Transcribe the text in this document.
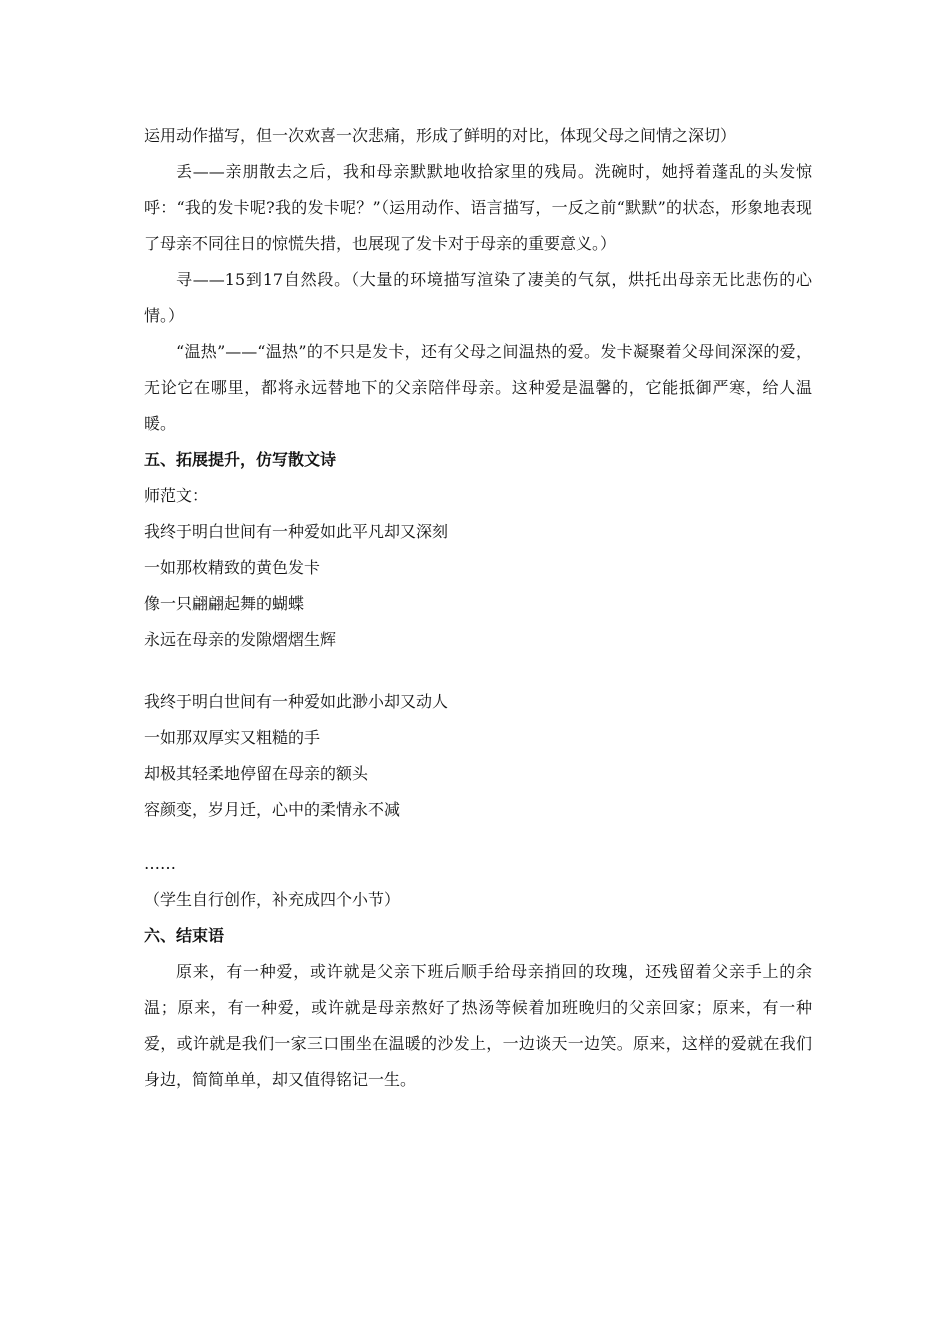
运用动作描写，但一次欢喜一次悲痛，形成了鲜明的对比，体现父母之间情之深切）

丢——亲朋散去之后，我和母亲默默地收拾家里的残局。洗碗时，她捋着蓬乱的头发惊呼：“我的发卡呢?我的发卡呢？”（运用动作、语言描写，一反之前“默默”的状态，形象地表现了母亲不同往日的惊慌失措，也展现了发卡对于母亲的重要意义。）

寻——15到17自然段。（大量的环境描写渲染了凄美的气氛，烘托出母亲无比悲伤的心情。）

“温热”——“温热”的不只是发卡，还有父母之间温热的爱。发卡凝聚着父母间深深的爱，无论它在哪里，都将永远替地下的父亲陪伴母亲。这种爱是温馨的，它能抵御严寒，给人温暖。

五、拓展提升，仿写散文诗

师范文：

我终于明白世间有一种爱如此平凡却又深刻

一如那枚精致的黄色发卡

像一只翩翩起舞的蝴蝶

永远在母亲的发隙熠熠生辉

我终于明白世间有一种爱如此渺小却又动人

一如那双厚实又粗糙的手

却极其轻柔地停留在母亲的额头

容颜变，岁月迁，心中的柔情永不减

……

（学生自行创作，补充成四个小节）

六、结束语

原来，有一种爱，或许就是父亲下班后顺手给母亲捎回的玫瑰，还残留着父亲手上的余温；原来，有一种爱，或许就是母亲熬好了热汤等候着加班晚归的父亲回家；原来，有一种爱，或许就是我们一家三口围坐在温暖的沙发上，一边谈天一边笑。原来，这样的爱就在我们身边，简简单单，却又值得铭记一生。
